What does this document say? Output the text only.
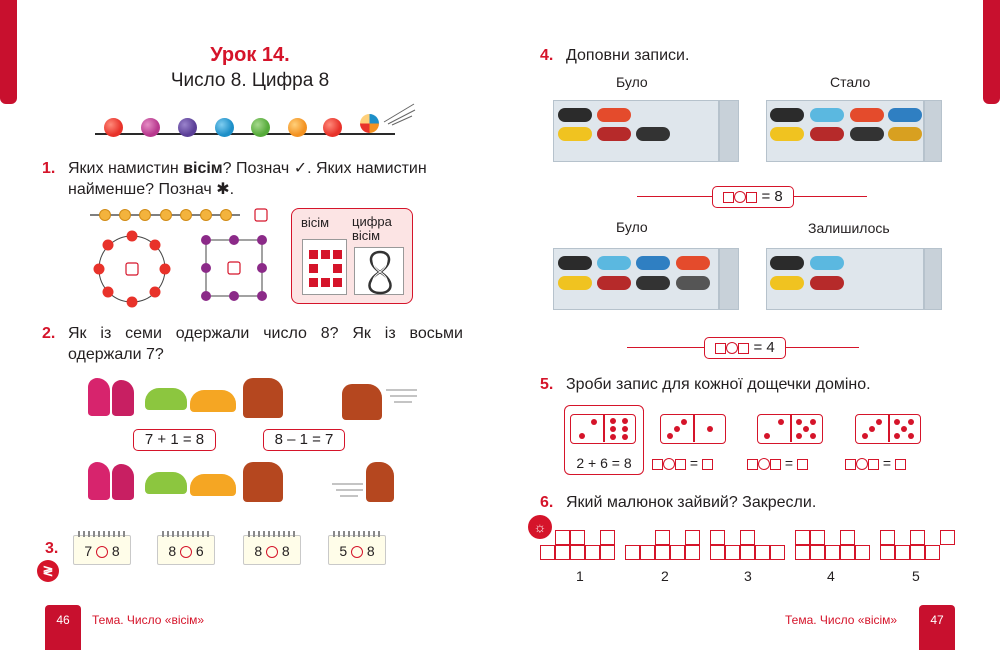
Урок 14.
Число 8. Цифра 8
1. Яких намистин вісім? Познач ✓. Яких намистин найменше? Познач ✱.
вісім цифра вісім
2. Як із семи одержали число 8? Як із восьми одержали 7?
7 + 1 = 8	8 – 1 = 7
3.
≷
7 8	8 6	8 8	5 8
46	Тема. Число «вісім»
4. Доповни записи.
Було	Стало
= 8
Було	Залишилось
= 4
5. Зроби запис для кожної дощечки доміно.
2 + 6 = 8	=	=	=
6. Який малюнок зайвий? Закресли.
☼
1	2	3	4	5
Тема. Число «вісім»	47
